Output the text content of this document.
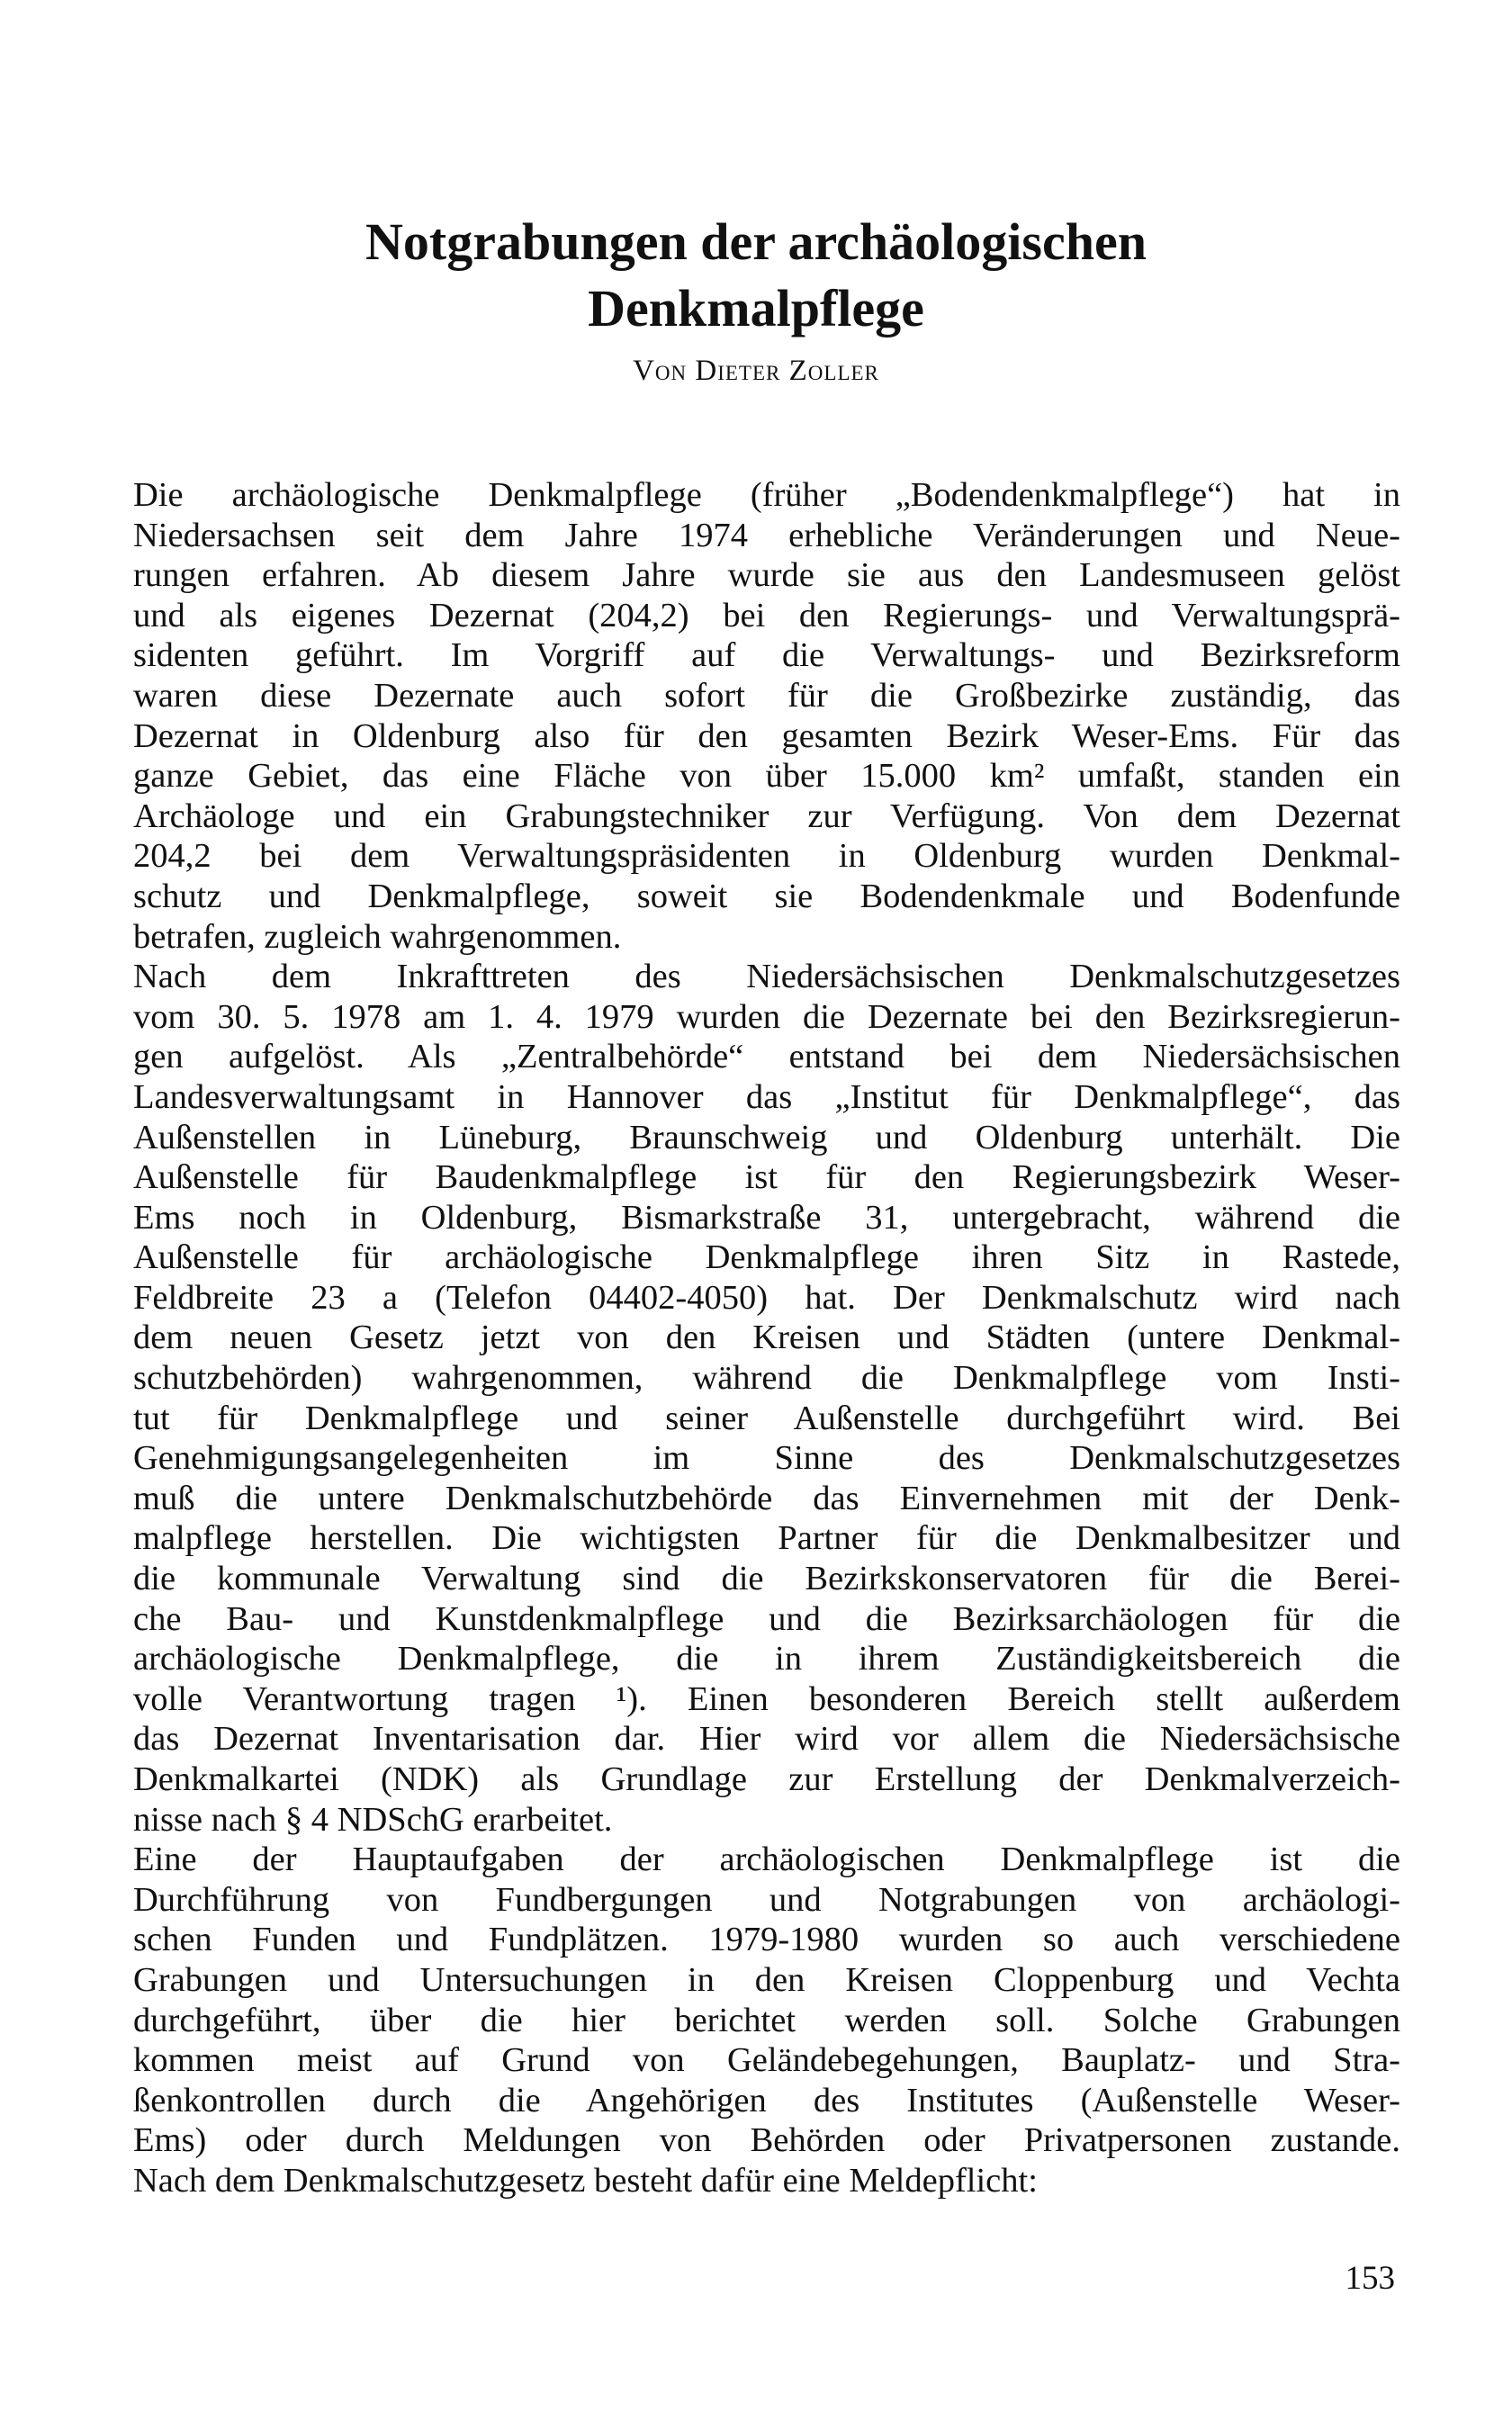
Notgrabungen der archäologischen
Denkmalpflege

Von Dieter Zoller

Die archäologische Denkmalpflege (früher „Bodendenkmalpflege“) hat in
Niedersachsen seit dem Jahre 1974 erhebliche Veränderungen und Neue-
rungen erfahren. Ab diesem Jahre wurde sie aus den Landesmuseen gelöst
und als eigenes Dezernat (204,2) bei den Regierungs- und Verwaltungsprä-
sidenten geführt. Im Vorgriff auf die Verwaltungs- und Bezirksreform
waren diese Dezernate auch sofort für die Großbezirke zuständig, das
Dezernat in Oldenburg also für den gesamten Bezirk Weser-Ems. Für das
ganze Gebiet, das eine Fläche von über 15.000 km² umfaßt, standen ein
Archäologe und ein Grabungstechniker zur Verfügung. Von dem Dezernat
204,2 bei dem Verwaltungspräsidenten in Oldenburg wurden Denkmal-
schutz und Denkmalpflege, soweit sie Bodendenkmale und Bodenfunde
betrafen, zugleich wahrgenommen.
Nach dem Inkrafttreten des Niedersächsischen Denkmalschutzgesetzes
vom 30. 5. 1978 am 1. 4. 1979 wurden die Dezernate bei den Bezirksregierun-
gen aufgelöst. Als „Zentralbehörde“ entstand bei dem Niedersächsischen
Landesverwaltungsamt in Hannover das „Institut für Denkmalpflege“, das
Außenstellen in Lüneburg, Braunschweig und Oldenburg unterhält. Die
Außenstelle für Baudenkmalpflege ist für den Regierungsbezirk Weser-
Ems noch in Oldenburg, Bismarkstraße 31, untergebracht, während die
Außenstelle für archäologische Denkmalpflege ihren Sitz in Rastede,
Feldbreite 23 a (Telefon 04402-4050) hat. Der Denkmalschutz wird nach
dem neuen Gesetz jetzt von den Kreisen und Städten (untere Denkmal-
schutzbehörden) wahrgenommen, während die Denkmalpflege vom Insti-
tut für Denkmalpflege und seiner Außenstelle durchgeführt wird. Bei
Genehmigungsangelegenheiten im Sinne des Denkmalschutzgesetzes
muß die untere Denkmalschutzbehörde das Einvernehmen mit der Denk-
malpflege herstellen. Die wichtigsten Partner für die Denkmalbesitzer und
die kommunale Verwaltung sind die Bezirkskonservatoren für die Berei-
che Bau- und Kunstdenkmalpflege und die Bezirksarchäologen für die
archäologische Denkmalpflege, die in ihrem Zuständigkeitsbereich die
volle Verantwortung tragen ¹). Einen besonderen Bereich stellt außerdem
das Dezernat Inventarisation dar. Hier wird vor allem die Niedersächsische
Denkmalkartei (NDK) als Grundlage zur Erstellung der Denkmalverzeich-
nisse nach § 4 NDSchG erarbeitet.
Eine der Hauptaufgaben der archäologischen Denkmalpflege ist die
Durchführung von Fundbergungen und Notgrabungen von archäologi-
schen Funden und Fundplätzen. 1979-1980 wurden so auch verschiedene
Grabungen und Untersuchungen in den Kreisen Cloppenburg und Vechta
durchgeführt, über die hier berichtet werden soll. Solche Grabungen
kommen meist auf Grund von Geländebegehungen, Bauplatz- und Stra-
ßenkontrollen durch die Angehörigen des Institutes (Außenstelle Weser-
Ems) oder durch Meldungen von Behörden oder Privatpersonen zustande.
Nach dem Denkmalschutzgesetz besteht dafür eine Meldepflicht:

153
